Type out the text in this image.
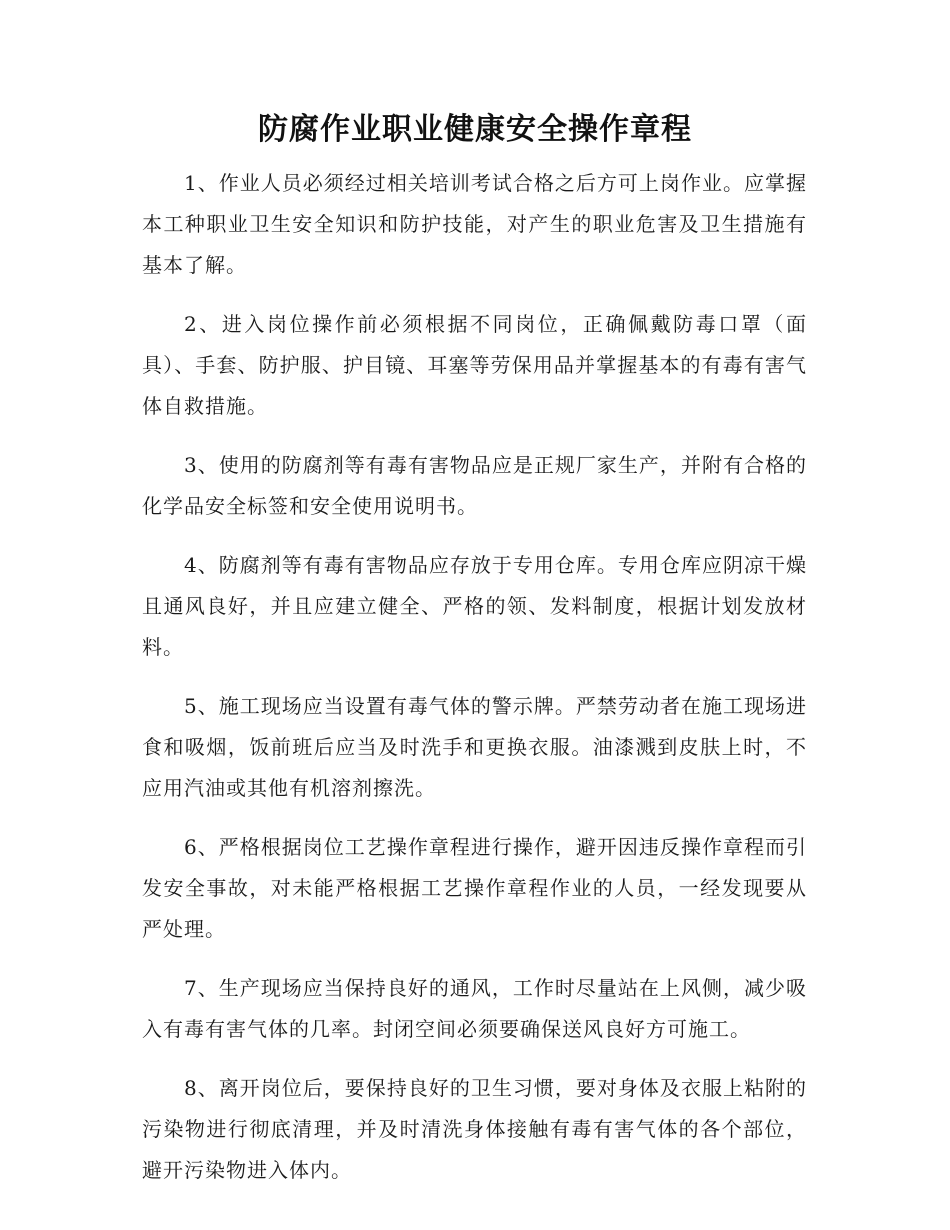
防腐作业职业健康安全操作章程

1、作业人员必须经过相关培训考试合格之后方可上岗作业。应掌握本工种职业卫生安全知识和防护技能，对产生的职业危害及卫生措施有基本了解。

2、进入岗位操作前必须根据不同岗位，正确佩戴防毒口罩（面具）、手套、防护服、护目镜、耳塞等劳保用品并掌握基本的有毒有害气体自救措施。

3、使用的防腐剂等有毒有害物品应是正规厂家生产，并附有合格的化学品安全标签和安全使用说明书。

4、防腐剂等有毒有害物品应存放于专用仓库。专用仓库应阴凉干燥且通风良好，并且应建立健全、严格的领、发料制度，根据计划发放材料。

5、施工现场应当设置有毒气体的警示牌。严禁劳动者在施工现场进食和吸烟，饭前班后应当及时洗手和更换衣服。油漆溅到皮肤上时，不应用汽油或其他有机溶剂擦洗。

6、严格根据岗位工艺操作章程进行操作，避开因违反操作章程而引发安全事故，对未能严格根据工艺操作章程作业的人员，一经发现要从严处理。

7、生产现场应当保持良好的通风，工作时尽量站在上风侧，减少吸入有毒有害气体的几率。封闭空间必须要确保送风良好方可施工。

8、离开岗位后，要保持良好的卫生习惯，要对身体及衣服上粘附的污染物进行彻底清理，并及时清洗身体接触有毒有害气体的各个部位，避开污染物进入体内。
